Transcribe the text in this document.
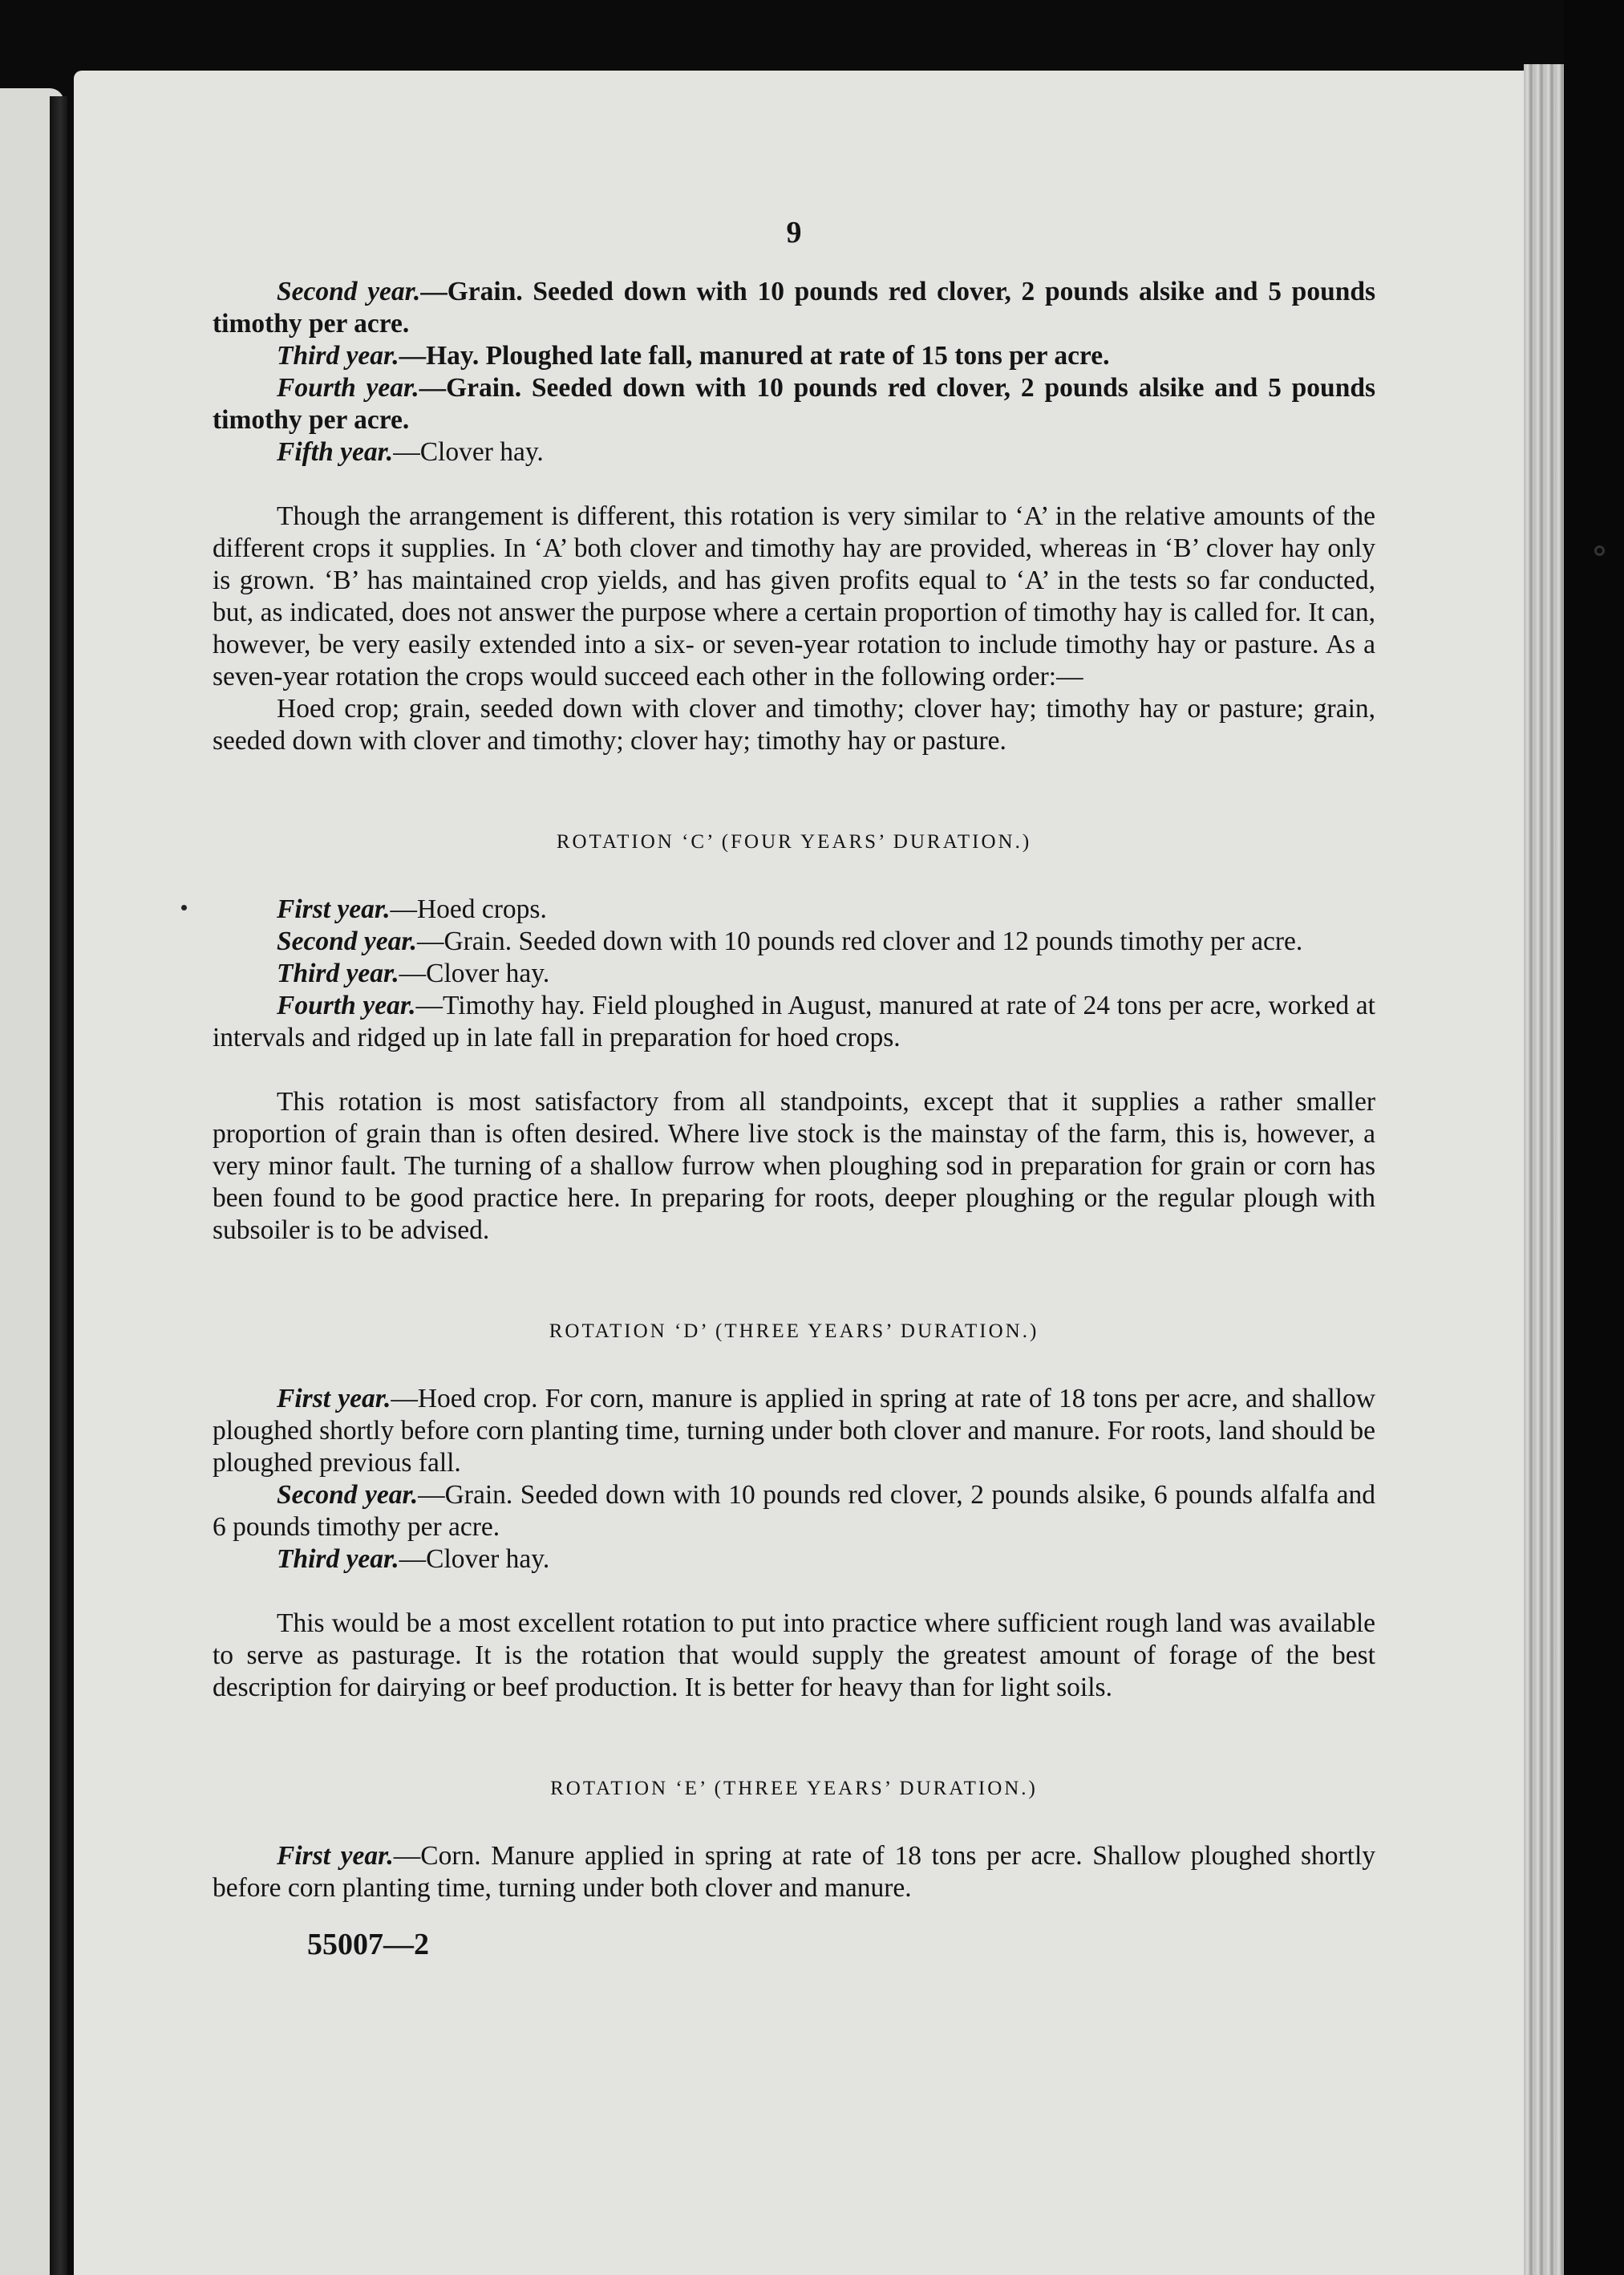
9

Second year.—Grain. Seeded down with 10 pounds red clover, 2 pounds alsike and 5 pounds timothy per acre.

Third year.—Hay. Ploughed late fall, manured at rate of 15 tons per acre.

Fourth year.—Grain. Seeded down with 10 pounds red clover, 2 pounds alsike and 5 pounds timothy per acre.

Fifth year.—Clover hay.

Though the arrangement is different, this rotation is very similar to ‘A’ in the relative amounts of the different crops it supplies. In ‘A’ both clover and timothy hay are provided, whereas in ‘B’ clover hay only is grown. ‘B’ has maintained crop yields, and has given profits equal to ‘A’ in the tests so far conducted, but, as indicated, does not answer the purpose where a certain proportion of timothy hay is called for. It can, however, be very easily extended into a six- or seven-year rotation to include timothy hay or pasture. As a seven-year rotation the crops would succeed each other in the following order:—

Hoed crop; grain, seeded down with clover and timothy; clover hay; timothy hay or pasture; grain, seeded down with clover and timothy; clover hay; timothy hay or pasture.

ROTATION ‘C’ (FOUR YEARS’ DURATION.)

First year.—Hoed crops.

Second year.—Grain. Seeded down with 10 pounds red clover and 12 pounds timothy per acre.

Third year.—Clover hay.

Fourth year.—Timothy hay. Field ploughed in August, manured at rate of 24 tons per acre, worked at intervals and ridged up in late fall in preparation for hoed crops.

This rotation is most satisfactory from all standpoints, except that it supplies a rather smaller proportion of grain than is often desired. Where live stock is the mainstay of the farm, this is, however, a very minor fault. The turning of a shallow furrow when ploughing sod in preparation for grain or corn has been found to be good practice here. In preparing for roots, deeper ploughing or the regular plough with subsoiler is to be advised.

ROTATION ‘D’ (THREE YEARS’ DURATION.)

First year.—Hoed crop. For corn, manure is applied in spring at rate of 18 tons per acre, and shallow ploughed shortly before corn planting time, turning under both clover and manure. For roots, land should be ploughed previous fall.

Second year.—Grain. Seeded down with 10 pounds red clover, 2 pounds alsike, 6 pounds alfalfa and 6 pounds timothy per acre.

Third year.—Clover hay.

This would be a most excellent rotation to put into practice where sufficient rough land was available to serve as pasturage. It is the rotation that would supply the greatest amount of forage of the best description for dairying or beef production. It is better for heavy than for light soils.

ROTATION ‘E’ (THREE YEARS’ DURATION.)

First year.—Corn. Manure applied in spring at rate of 18 tons per acre. Shallow ploughed shortly before corn planting time, turning under both clover and manure.

55007—2
